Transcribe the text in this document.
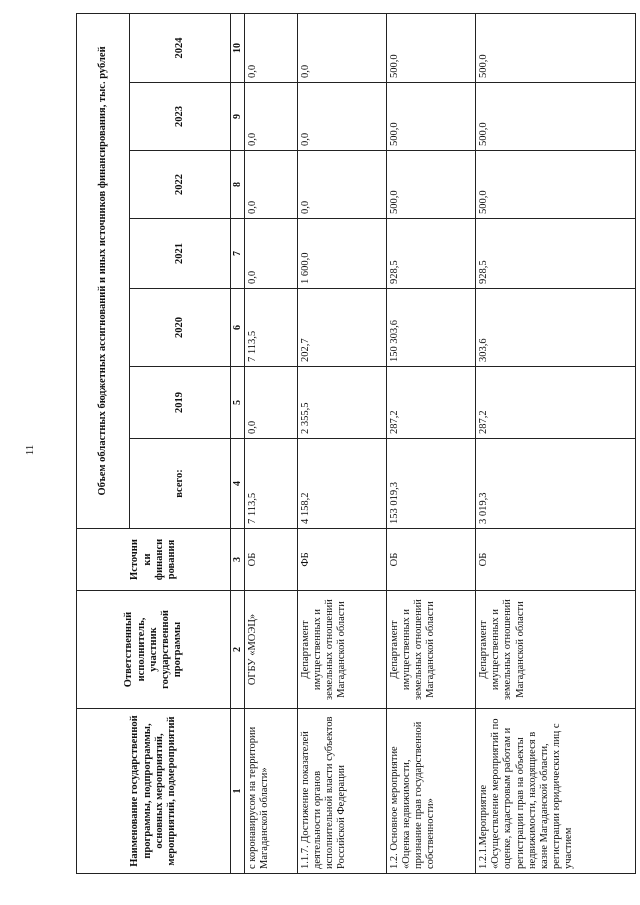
11
Наименование государственной программы, подпрограммы, основных мероприятий, мероприятий, подмероприятий	Ответственный исполнитель, участник государственной программы	Источни ки финанси рования	Объем областных бюджетных ассигнований и иных источников финансирования, тыс. рублей						
			всего:	2019	2020	2021	2022	2023	2024
1	2	3	4	5	6	7	8	9	10
с коронавирусом на территории Магаданской области»	ОГБУ «МОЭЦ»	ОБ	7 113,5	0,0	7 113,5	0,0	0,0	0,0	0,0
1.1.7. Достижение показателей деятельности органов исполнительной власти субъектов Российской Федерации	Департамент имущественных и земельных отношений Магаданской области	ФБ	4 158,2	2 355,5	202,7	1 600,0	0,0	0,0	0,0
1.2. Основное мероприятие «Оценка недвижимости, признание прав государственной собственности»	Департамент имущественных и земельных отношений Магаданской области	ОБ	153 019,3	287,2	150 303,6	928,5	500,0	500,0	500,0
1.2.1.Мероприятие «Осуществление мероприятий по оценке, кадастровым работам и регистрации прав на объекты недвижимости, находящиеся в казне Магаданской области, регистрации юридических лиц с участием	Департамент имущественных и земельных отношений Магаданской области	ОБ	3 019,3	287,2	303,6	928,5	500,0	500,0	500,0
